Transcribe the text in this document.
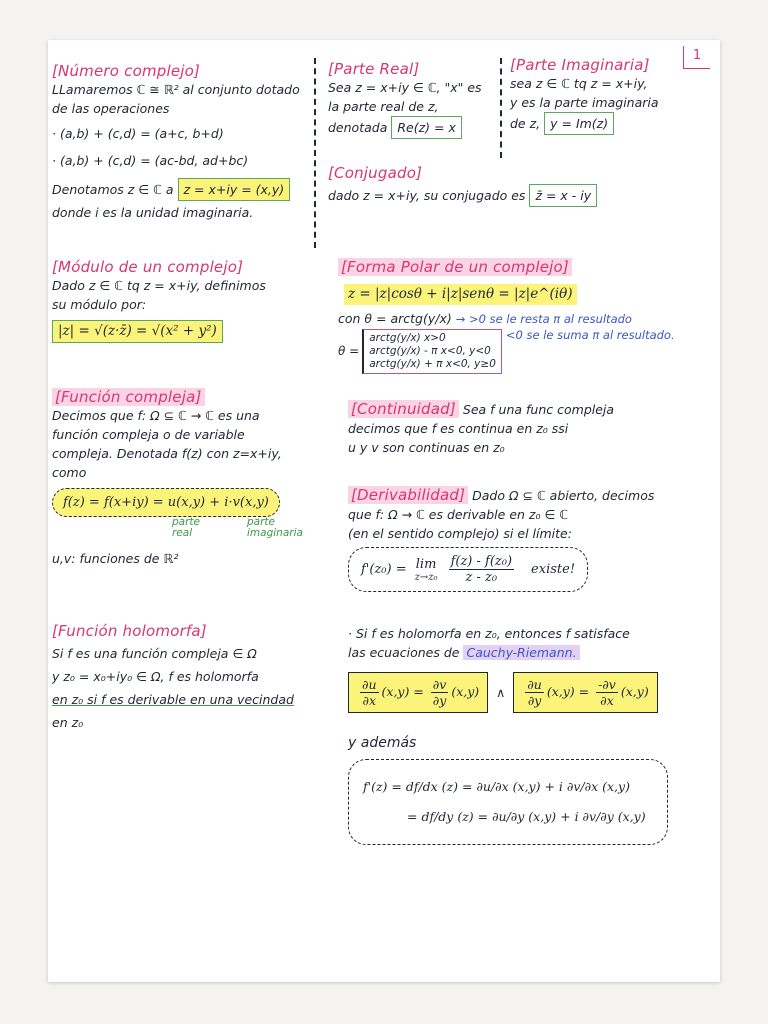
1
[Número complejo]
LLamaremos ℂ ≅ ℝ² al conjunto dotado
de las operaciones
· (a,b) + (c,d) = (a+c, b+d)
· (a,b) + (c,d) = (ac-bd, ad+bc)
Denotamos z ∈ ℂ a z = x+iy = (x,y)
donde i es la unidad imaginaria.
[Parte Real]
Sea z = x+iy ∈ ℂ, "x" es
la parte real de z,
denotada Re(z) = x
[Parte Imaginaria]
sea z ∈ ℂ tq z = x+iy,
y es la parte imaginaria
de z, y = Im(z)
[Conjugado]
dado z = x+iy, su conjugado es z̄ = x - iy
[Módulo de un complejo]
Dado z ∈ ℂ tq z = x+iy, definimos
su módulo por:
|z| = √(z·z̄) = √(x² + y²)
[Forma Polar de un complejo]
z = |z|cosθ + i|z|senθ = |z|e^(iθ)
con θ = arctg(y/x) → >0 se le resta π al resultado
θ =
arctg(y/x) x>0
arctg(y/x) - π x<0, y<0
arctg(y/x) + π x<0, y≥0
<0 se le suma π al resultado.
[Función compleja]
Decimos que f: Ω ⊆ ℂ → ℂ es una
función compleja o de variable
compleja. Denotada f(z) con z=x+iy,
como
f(z) = f(x+iy) = u(x,y) + i·v(x,y)
parte real
parte imaginaria
u,v: funciones de ℝ²
[Continuidad] Sea f una func compleja
decimos que f es continua en z₀ ssi
u y v son continuas en z₀
[Derivabilidad] Dado Ω ⊆ ℂ abierto, decimos
que f: Ω → ℂ es derivable en z₀ ∈ ℂ
(en el sentido complejo) si el límite:
f'(z₀) = lim
$z\to z_0 \frac{\text{f(z) - f(z₀)}}{\text{z - z₀}}$ existe!
[Función holomorfa]
Si f es una función compleja ∈ Ω
y z₀ = x₀+iy₀ ∈ Ω, f es holomorfa
en z₀ si f es derivable en una vecindad
en z₀
· Si f es holomorfa en z₀, entonces f satisface
las ecuaciones de Cauchy-Riemann.
$\frac{\partial u}{\partial x} (x,y) = \frac{\partial v}{\partial y} (x,y)$	∧ $\frac{\partial u}{\partial y} (x,y) = \frac{-\partial v}{\partial x} (x,y)$
y además
f'(z) = df/dx (z) = ∂u/∂x (x,y) + i ∂v/∂x (x,y)
= df/dy (z) = ∂u/∂y (x,y) + i ∂v/∂y (x,y)
